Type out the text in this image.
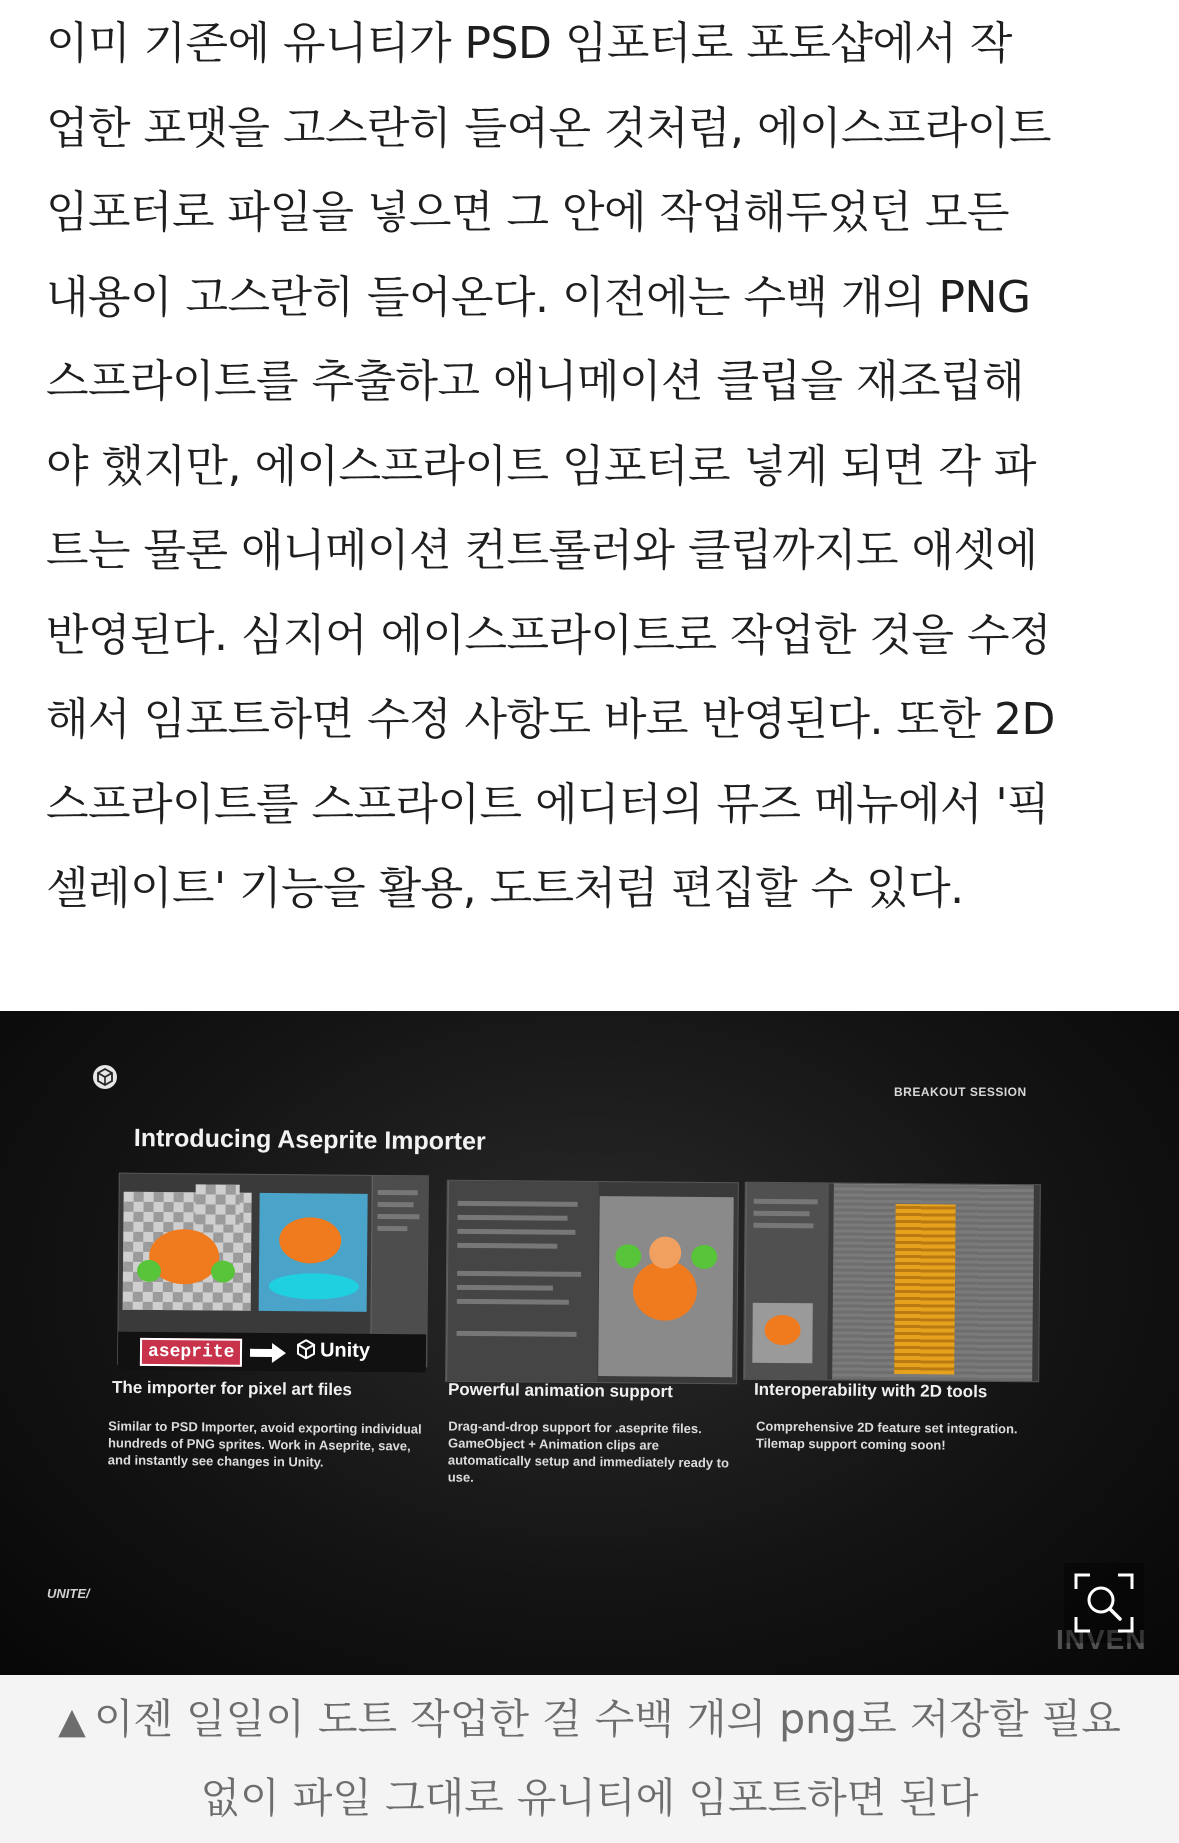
이미 기존에 유니티가 PSD 임포터로 포토샵에서 작
업한 포맷을 고스란히 들여온 것처럼, 에이스프라이트
임포터로 파일을 넣으면 그 안에 작업해두었던 모든
내용이 고스란히 들어온다. 이전에는 수백 개의 PNG
스프라이트를 추출하고 애니메이션 클립을 재조립해
야 했지만, 에이스프라이트 임포터로 넣게 되면 각 파
트는 물론 애니메이션 컨트롤러와 클립까지도 애셋에
반영된다. 심지어 에이스프라이트로 작업한 것을 수정
해서 임포트하면 수정 사항도 바로 반영된다. 또한 2D
스프라이트를 스프라이트 에디터의 뮤즈 메뉴에서 '픽
셀레이트' 기능을 활용, 도트처럼 편집할 수 있다.
BREAKOUT SESSION
Introducing Aseprite Importer
aseprite	Unity
The importer for pixel art files
Similar to PSD Importer, avoid exporting individual hundreds of PNG sprites. Work in Aseprite, save, and instantly see changes in Unity.
Powerful animation support
Drag-and-drop support for .aseprite files. GameObject + Animation clips are automatically setup and immediately ready to use.
Interoperability with 2D tools
Comprehensive 2D feature set integration. Tilemap support coming soon!
UNITE/
INVEN
▲ 이젠 일일이 도트 작업한 걸 수백 개의 png로 저장할 필요
없이 파일 그대로 유니티에 임포트하면 된다
